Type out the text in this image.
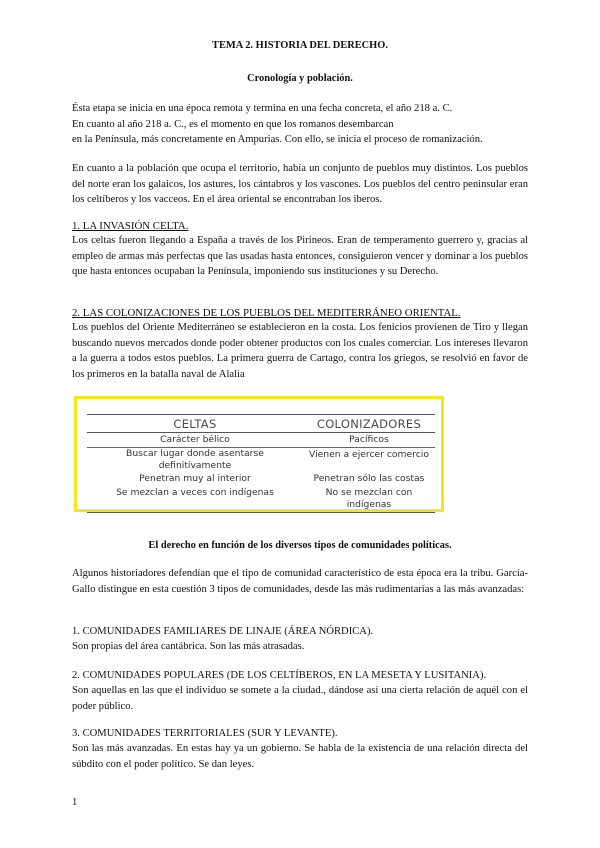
TEMA 2. HISTORIA DEL DERECHO.

Cronología y población.

Ésta etapa se inicia en una época remota y termina en una fecha concreta, el año 218 a. C.
En cuanto al año 218 a. C., es el momento en que los romanos desembarcan
en la Península, más concretamente en Ampurias. Con ello, se inicia el proceso de romanización.

En cuanto a la población que ocupa el territorio, había un conjunto de pueblos muy distintos. Los pueblos del norte eran los galaicos, los astures, los cántabros y los vascones. Los pueblos del centro peninsular eran los celtíberos y los vacceos. En el área oriental se encontraban los iberos.

1. LA INVASIÓN CELTA.

Los celtas fueron llegando a España a través de los Pirineos. Eran de temperamento guerrero y, gracias al empleo de armas más perfectas que las usadas hasta entonces, consiguieron vencer y dominar a los pueblos que hasta entonces ocupaban la Península, imponiendo sus instituciones y su Derecho.

2. LAS COLONIZACIONES DE LOS PUEBLOS DEL MEDITERRÁNEO ORIENTAL.

Los pueblos del Oriente Mediterráneo se establecieron en la costa. Los fenicios provienen de Tiro y llegan buscando nuevos mercados donde poder obtener productos con los cuales comerciar. Los intereses llevaron a la guerra a todos estos pueblos. La primera guerra de Cartago, contra los griegos, se resolvió en favor de los primeros en la batalla naval de Alalia

CELTAS	COLONIZADORES
Carácter bélico	Pacíficos
Buscar lugar donde asentarse definitivamente	Vienen a ejercer comercio
Penetran muy al interior	Penetran sólo las costas
Se mezclan a veces con indígenas	No se mezclan con indígenas

El derecho en función de los diversos tipos de comunidades políticas.

Algunos historiadores defendían que el tipo de comunidad característico de esta época era la tribu. García-Gallo distingue en esta cuestión 3 tipos de comunidades, desde las más rudimentarias a las más avanzadas:

1. COMUNIDADES FAMILIARES DE LINAJE (ÁREA NÓRDICA).

Son propias del área cantábrica. Son las más atrasadas.

2. COMUNIDADES POPULARES (DE LOS CELTÍBEROS, EN LA MESETA Y LUSITANIA).

Son aquellas en las que el individuo se somete a la ciudad., dándose así una cierta relación de aquél con el poder público.

3. COMUNIDADES TERRITORIALES (SUR Y LEVANTE).

Son las más avanzadas. En estas hay ya un gobierno. Se habla de la existencia de una relación directa del súbdito con el poder político. Se dan leyes.

1
